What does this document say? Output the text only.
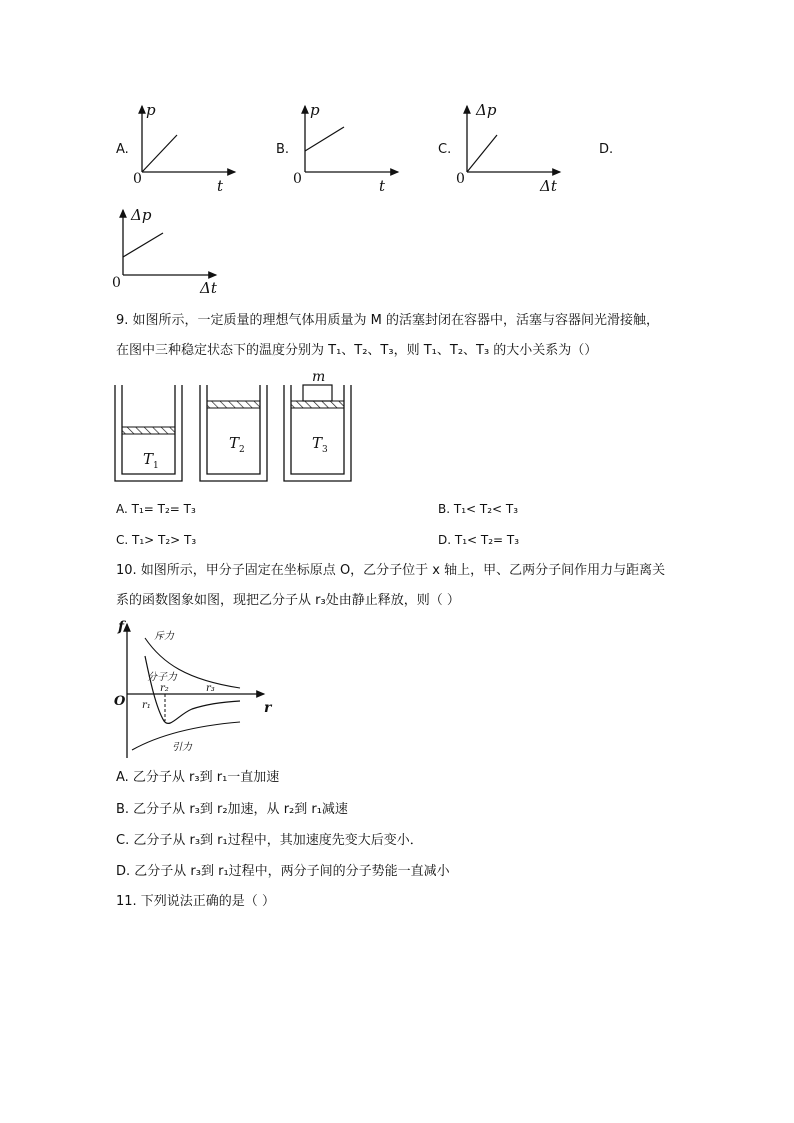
A.
p
0	t
B.
p
0	t
C.
Δp
0	Δt
D.
Δp
0	Δt
9. 如图所示，一定质量的理想气体用质量为 M 的活塞封闭在容器中，活塞与容器间光滑接触，
在图中三种稳定状态下的温度分别为 T₁、T₂、T₃，则 T₁、T₂、T₃ 的大小关系为（）
m
$T_1$
$T_2$	$T_3$
A. T₁= T₂= T₃	B. T₁< T₂< T₃
C. T₁> T₂> T₃	D. T₁< T₂= T₃
10. 如图所示，甲分子固定在坐标原点 O，乙分子位于 x 轴上，甲、乙两分子间作用力与距离关
系的函数图象如图，现把乙分子从 r₃处由静止释放，则（ ）
f
r
O
斥力
分子力
引力
r₁
r₂	r₃
A. 乙分子从 r₃到 r₁一直加速
B. 乙分子从 r₃到 r₂加速，从 r₂到 r₁减速
C. 乙分子从 r₃到 r₁过程中，其加速度先变大后变小．
D. 乙分子从 r₃到 r₁过程中，两分子间的分子势能一直减小
11. 下列说法正确的是（ ）
